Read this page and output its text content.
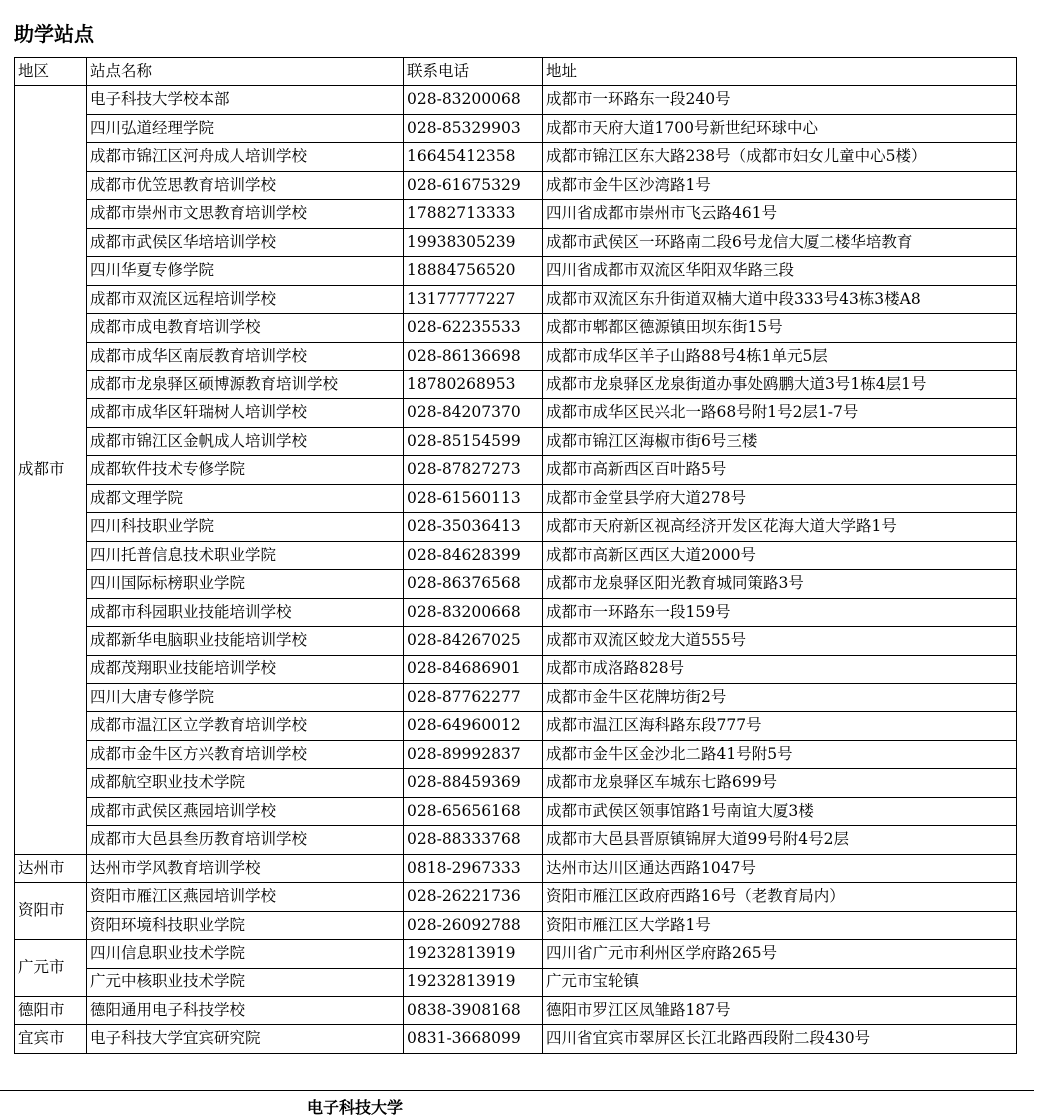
助学站点
地区	站点名称	联系电话	地址
成都市	电子科技大学校本部	028-83200068	成都市一环路东一段240号
	四川弘道经理学院	028-85329903	成都市天府大道1700号新世纪环球中心
	成都市锦江区河舟成人培训学校	16645412358	成都市锦江区东大路238号（成都市妇女儿童中心5楼）
	成都市优笠思教育培训学校	028-61675329	成都市金牛区沙湾路1号
	成都市崇州市文思教育培训学校	17882713333	四川省成都市崇州市飞云路461号
	成都市武侯区华培培训学校	19938305239	成都市武侯区一环路南二段6号龙信大厦二楼华培教育
	四川华夏专修学院	18884756520	四川省成都市双流区华阳双华路三段
	成都市双流区远程培训学校	13177777227	成都市双流区东升街道双楠大道中段333号43栋3楼A8
	成都市成电教育培训学校	028-62235533	成都市郫都区德源镇田坝东街15号
	成都市成华区南辰教育培训学校	028-86136698	成都市成华区羊子山路88号4栋1单元5层
	成都市龙泉驿区硕博源教育培训学校	18780268953	成都市龙泉驿区龙泉街道办事处鸥鹏大道3号1栋4层1号
	成都市成华区轩瑞树人培训学校	028-84207370	成都市成华区民兴北一路68号附1号2层1-7号
	成都市锦江区金帆成人培训学校	028-85154599	成都市锦江区海椒市街6号三楼
	成都软件技术专修学院	028-87827273	成都市高新西区百叶路5号
	成都文理学院	028-61560113	成都市金堂县学府大道278号
	四川科技职业学院	028-35036413	成都市天府新区视高经济开发区花海大道大学路1号
	四川托普信息技术职业学院	028-84628399	成都市高新区西区大道2000号
	四川国际标榜职业学院	028-86376568	成都市龙泉驿区阳光教育城同策路3号
	成都市科园职业技能培训学校	028-83200668	成都市一环路东一段159号
	成都新华电脑职业技能培训学校	028-84267025	成都市双流区蛟龙大道555号
	成都茂翔职业技能培训学校	028-84686901	成都市成洛路828号
	四川大唐专修学院	028-87762277	成都市金牛区花牌坊街2号
	成都市温江区立学教育培训学校	028-64960012	成都市温江区海科路东段777号
	成都市金牛区方兴教育培训学校	028-89992837	成都市金牛区金沙北二路41号附5号
	成都航空职业技术学院	028-88459369	成都市龙泉驿区车城东七路699号
	成都市武侯区燕园培训学校	028-65656168	成都市武侯区领事馆路1号南谊大厦3楼
	成都市大邑县叁历教育培训学校	028-88333768	成都市大邑县晋原镇锦屏大道99号附4号2层
达州市	达州市学风教育培训学校	0818-2967333	达州市达川区通达西路1047号
资阳市	资阳市雁江区燕园培训学校	028-26221736	资阳市雁江区政府西路16号（老教育局内）
	资阳环境科技职业学院	028-26092788	资阳市雁江区大学路1号
广元市	四川信息职业技术学院	19232813919	四川省广元市利州区学府路265号
	广元中核职业技术学院	19232813919	广元市宝轮镇
德阳市	德阳通用电子科技学校	0838-3908168	德阳市罗江区凤雏路187号
宜宾市	电子科技大学宜宾研究院	0831-3668099	四川省宜宾市翠屏区长江北路西段附二段430号
电子科技大学
